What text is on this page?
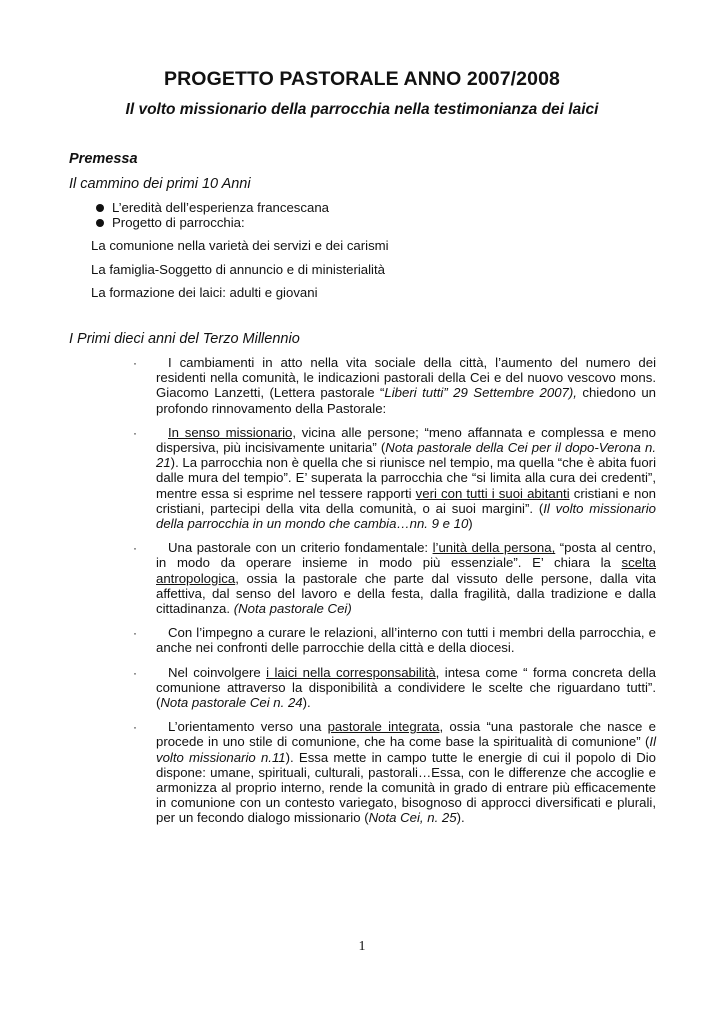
PROGETTO PASTORALE ANNO 2007/2008
Il volto missionario della parrocchia nella testimonianza dei laici
Premessa
Il cammino dei primi 10 Anni
L’eredità dell’esperienza francescana
Progetto di parrocchia:
La comunione nella varietà dei servizi e dei carismi
La famiglia-Soggetto di annuncio e di ministerialità
La formazione dei laici: adulti e giovani
I Primi dieci anni del Terzo Millennio
·	I cambiamenti in atto nella vita sociale della città, l’aumento del numero dei residenti nella comunità, le indicazioni pastorali della Cei e del nuovo vescovo mons. Giacomo Lanzetti, (Lettera pastorale “Liberi tutti” 29 Settembre 2007), chiedono un profondo rinnovamento della Pastorale:
·	In senso missionario, vicina alle persone; “meno affannata e complessa e meno dispersiva, più incisivamente unitaria” (Nota pastorale della Cei per il dopo-Verona n. 21). La parrocchia non è quella che si riunisce nel tempio, ma quella “che è abita fuori dalle mura del tempio”. E’ superata la parrocchia che “si limita alla cura dei credenti”, mentre essa si esprime nel tessere rapporti veri con tutti i suoi abitanti cristiani e non cristiani, partecipi della vita della comunità, o ai suoi margini”. (Il volto missionario della parrocchia in un mondo che cambia…nn. 9 e 10)
·	Una pastorale con un criterio fondamentale: l’unità della persona, “posta al centro, in modo da operare insieme in modo più essenziale”. E’ chiara la scelta antropologica, ossia la pastorale che parte dal vissuto delle persone, dalla vita affettiva, dal senso del lavoro e della festa, dalla fragilità, dalla tradizione e dalla cittadinanza. (Nota pastorale Cei)
·	Con l’impegno a curare le relazioni, all’interno con tutti i membri della parrocchia, e anche nei confronti delle parrocchie della città e della diocesi.
·	Nel coinvolgere i laici nella corresponsabilità, intesa come “ forma concreta della comunione attraverso la disponibilità a condividere le scelte che riguardano tutti”. (Nota pastorale Cei n. 24).
·	L’orientamento verso una pastorale integrata, ossia “una pastorale che nasce e procede in uno stile di comunione, che ha come base la spiritualità di comunione” (Il volto missionario n.11). Essa mette in campo tutte le energie di cui il popolo di Dio dispone: umane, spirituali, culturali, pastorali…Essa, con le differenze che accoglie e armonizza al proprio interno, rende la comunità in grado di entrare più efficacemente in comunione con un contesto variegato, bisognoso di approcci diversificati e plurali, per un fecondo dialogo missionario (Nota Cei, n. 25).
1
